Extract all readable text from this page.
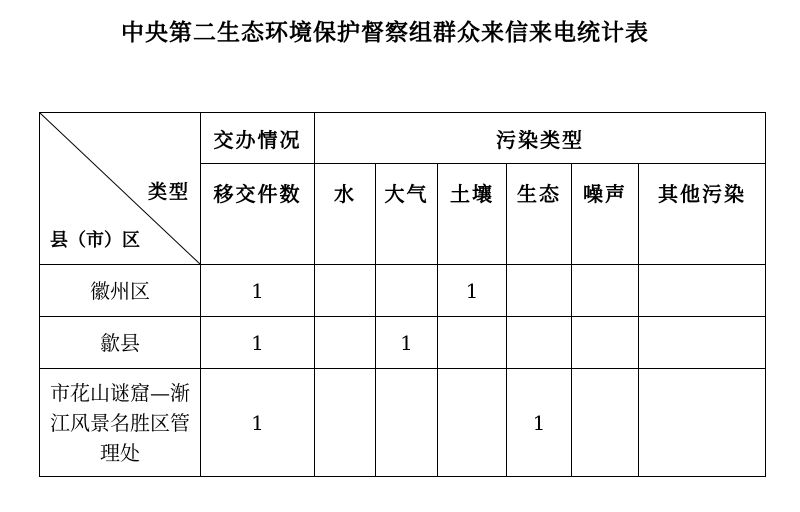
中央第二生态环境保护督察组群众来信来电统计表
类型
县（市）区	交办情况	污染类型					
	移交件数	水	大气	土壤	生态	噪声	其他污染
徽州区	1			1			
歙县	1		1				
市花山谜窟—渐江风景名胜区管理处	1				1		
